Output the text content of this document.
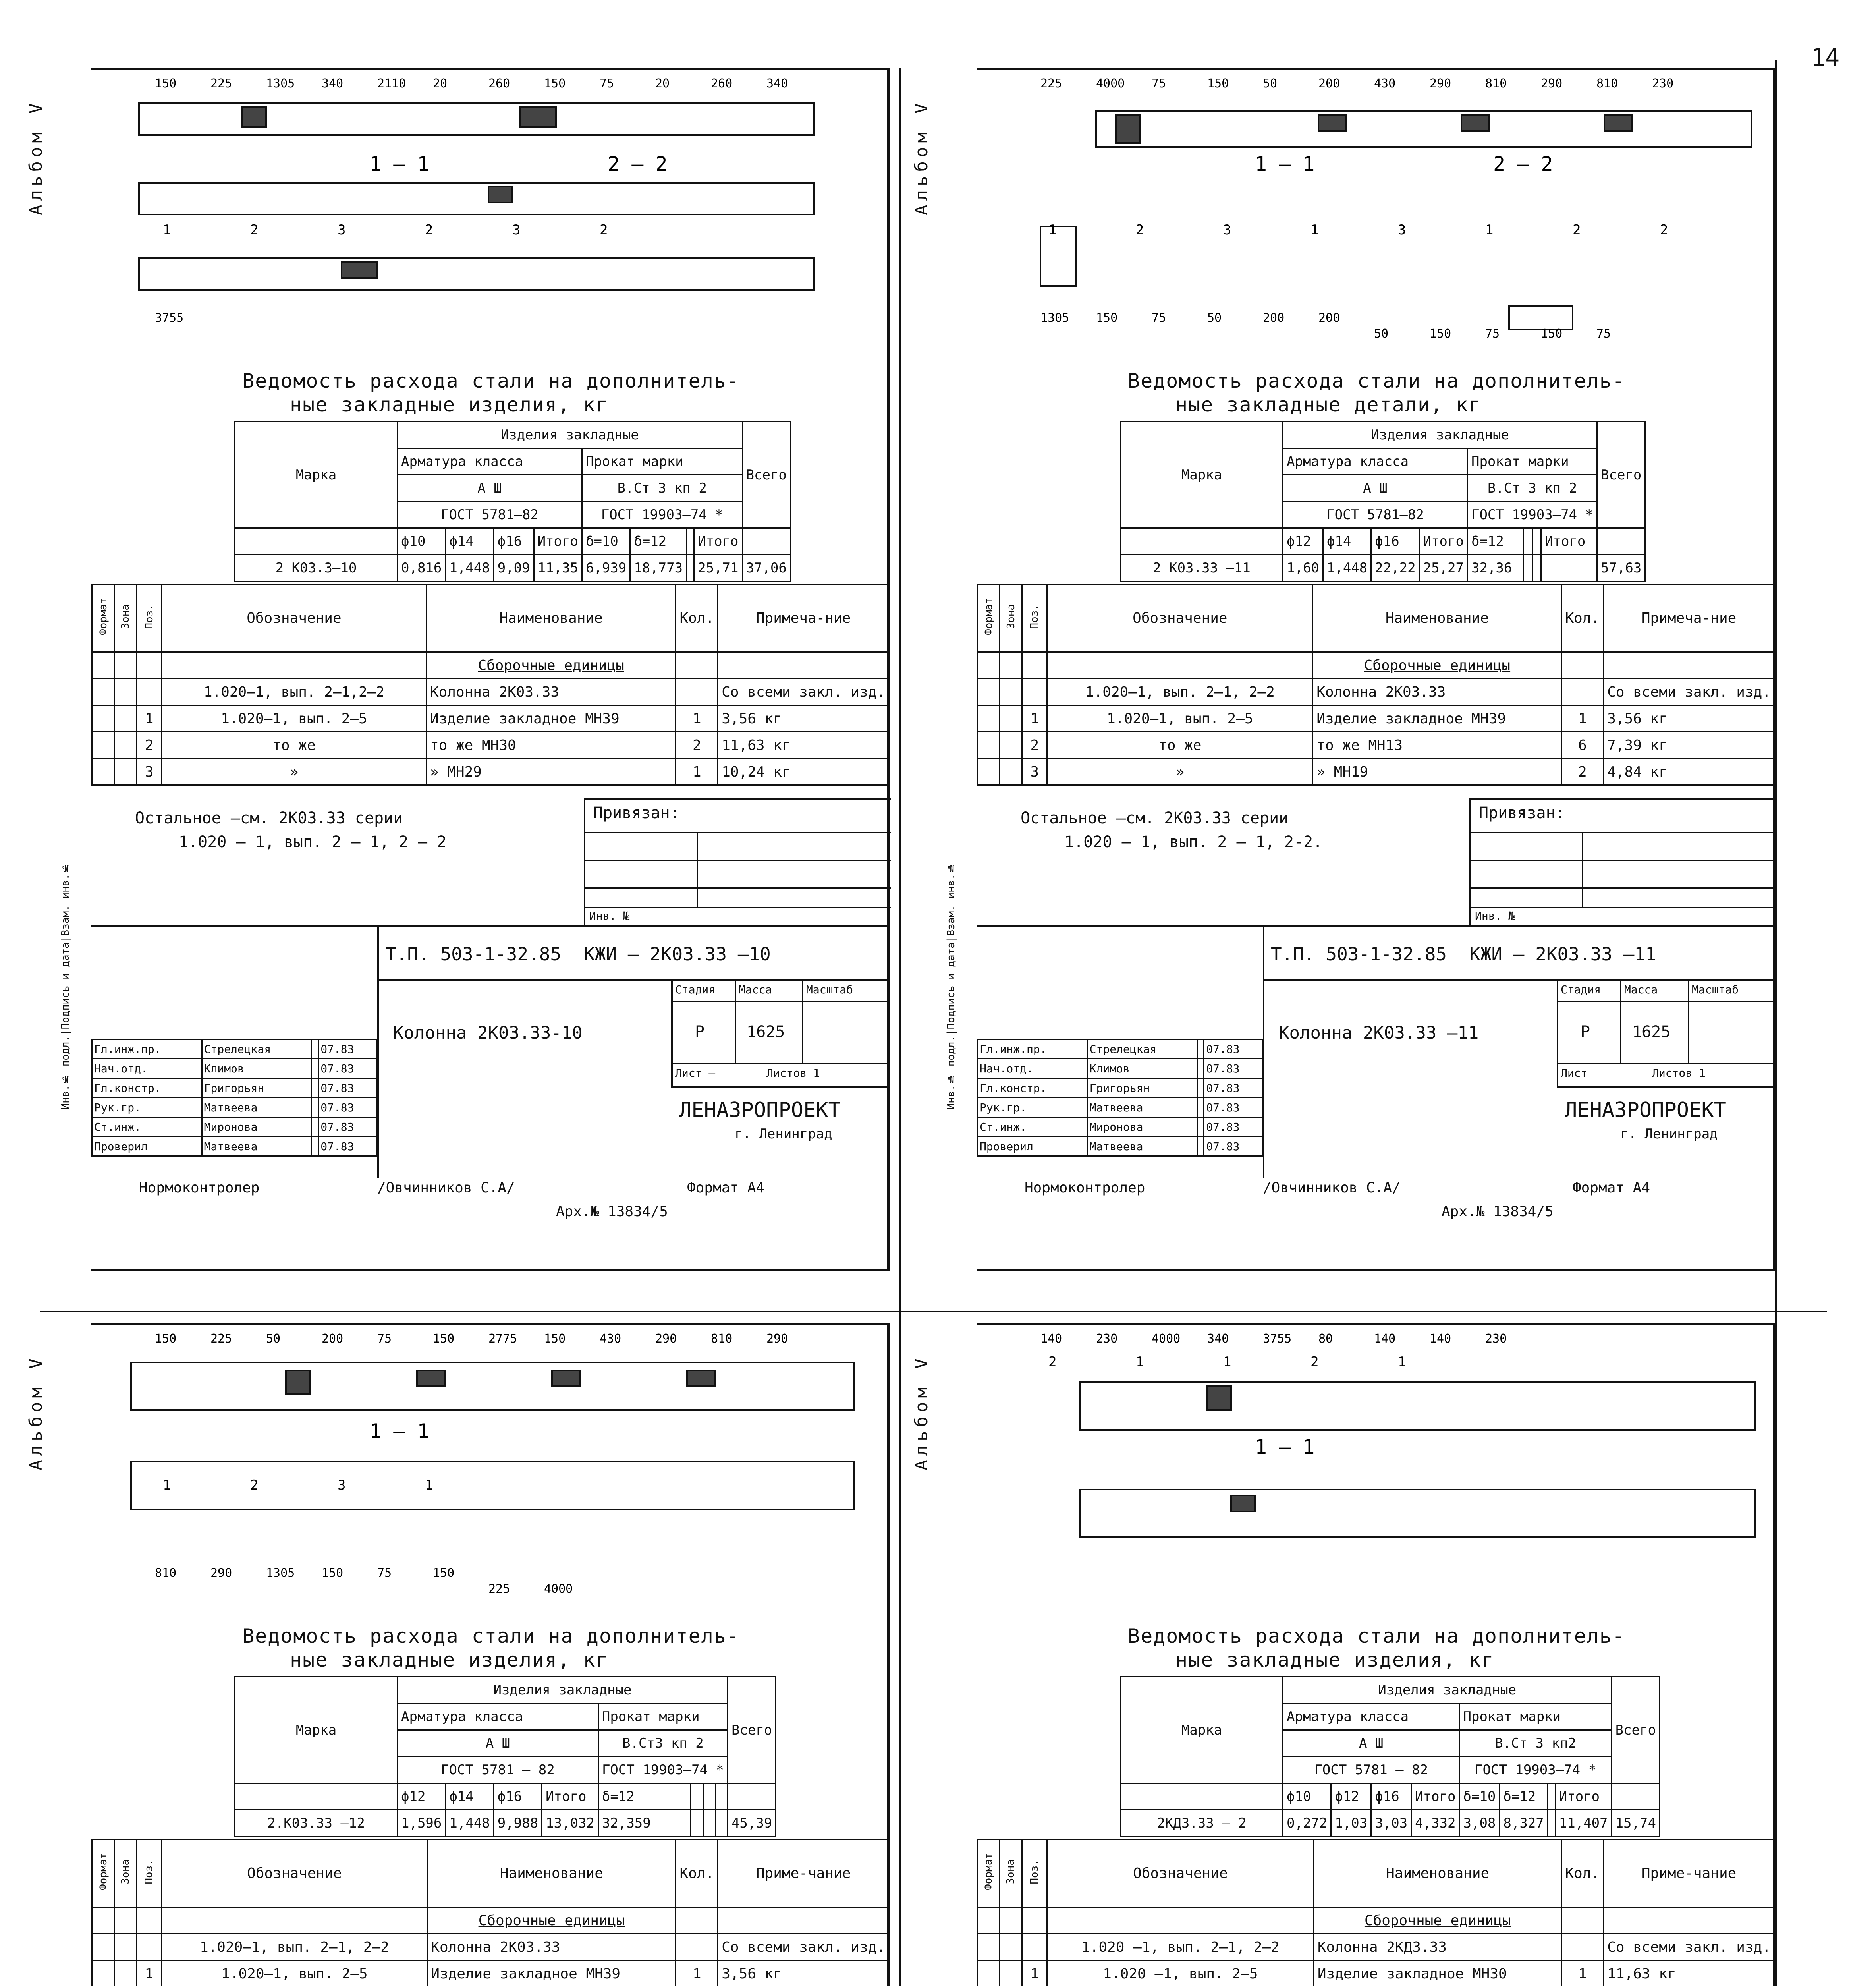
14
Альбом V
Инв.№ подл.|Подпись и дата|Взам. инв.№
150	225	1305 340	2110 20	260	150	75	20	260	340
3755
1 – 1	2 – 2
1	2	3	2	3	2
Ведомость расхода стали на дополнитель-
ные закладные изделия, кг
Марка	Изделия закладные								Всего
	Арматура класса				Прокат марки				
	А Ш				В.Ст 3 кп 2				
	ГОСТ 5781–82				ГОСТ 19903–74 *				
	ϕ10	ϕ14	ϕ16	Итого	δ=10	δ=12		Итого	
2 К03.3–10	0,816	1,448	9,09	11,35	6,939	18,773		25,71	37,06
Формат	Зона	Поз.	Обозначение	Наименование	Кол.	Примеча-ние
				Сборочные единицы		
			1.020–1, вып. 2–1,2–2	Колонна 2К03.33		Со всеми закл. изд.
		1	1.020–1, вып. 2–5	Изделие закладное МН39	1	3,56 кг
		2	то же	то же МН30	2	11,63 кг
		3	»	» МН29	1	10,24 кг
Остальное –см. 2К03.33 серии
1.020 – 1, вып. 2 – 1, 2 – 2
Привязан:
Инв. №
Т.П. 503-1-32.85 КЖИ – 2К03.33 –10
Колонна 2К03.33-10
Стадия Масса	Масштаб
Р	1625
Лист –	Листов 1
ЛЕНАЗРОПРОЕКТ
г. Ленинград
Гл.инж.пр.	Стрелецкая		07.83
Нач.отд.	Климов		07.83
Гл.констр.	Григорьян		07.83
Рук.гр.	Матвеева		07.83
Ст.инж.	Миронова		07.83
Проверил	Матвеева		07.83
Нормоконтролер	/Овчинников С.А/	Формат А4
Арх.№ 13834/5
Альбом V
Инв.№ подл.|Подпись и дата|Взам. инв.№
225	4000 75	150	50	200	430	290	810	290	810	230
1305 150	75	50	200	200
50	150	75	150	75
1 – 1	2 – 2
1	2	3	1	3	1	2	2
Ведомость расхода стали на дополнитель-
ные закладные детали, кг
Марка	Изделия закладные								Всего
	Арматура класса				Прокат марки				
	А Ш				В.Ст 3 кп 2				
	ГОСТ 5781–82				ГОСТ 19903–74 *				
	ϕ12	ϕ14	ϕ16	Итого	δ=12			Итого	
2 К03.33 –11	1,60	1,448	22,22	25,27	32,36				57,63
Формат	Зона	Поз.	Обозначение	Наименование	Кол.	Примеча-ние
				Сборочные единицы		
			1.020–1, вып. 2–1, 2–2	Колонна 2К03.33		Со всеми закл. изд.
		1	1.020–1, вып. 2–5	Изделие закладное МН39	1	3,56 кг
		2	то же	то же МН13	6	7,39 кг
		3	»	» МН19	2	4,84 кг
Остальное –см. 2К03.33 серии
1.020 – 1, вып. 2 – 1, 2-2.
Привязан:
Инв. №
Т.П. 503-1-32.85 КЖИ – 2К03.33 –11
Колонна 2К03.33 –11
Стадия Масса	Масштаб
Р	1625
Лист	Листов 1
ЛЕНАЗРОПРОЕКТ
г. Ленинград
Гл.инж.пр.	Стрелецкая		07.83
Нач.отд.	Климов		07.83
Гл.констр.	Григорьян		07.83
Рук.гр.	Матвеева		07.83
Ст.инж.	Миронова		07.83
Проверил	Матвеева		07.83
Нормоконтролер	/Овчинников С.А/	Формат А4
Арх.№ 13834/5
Альбом V
150	225	50	200	75	150	2775 150	430	290	810	290
810	290	1305 150	75	150
225	4000
1 – 1
1	2	3	1
Ведомость расхода стали на дополнитель-
ные закладные изделия, кг
Марка	Изделия закладные								Всего
	Арматура класса				Прокат марки				
	А Ш				В.Ст3 кп 2				
	ГОСТ 5781 – 82				ГОСТ 19903–74 *				
	ϕ12	ϕ14	ϕ16	Итого	δ=12				
2.К03.33 –12	1,596	1,448	9,988	13,032	32,359				45,39
Формат	Зона	Поз.	Обозначение	Наименование	Кол.	Приме-чание
				Сборочные единицы		
			1.020–1, вып. 2–1, 2–2	Колонна 2К03.33		Со всеми закл. изд.
		1	1.020–1, вып. 2–5	Изделие закладное МН39	1	3,56 кг

Альбом V
140	230	4000 340	3755 80	140	140	230
1 – 1
2	1	1	2	1
Ведомость расхода стали на дополнитель-
ные закладные изделия, кг
Марка	Изделия закладные								Всего
	Арматура класса				Прокат марки				
	А Ш				В.Ст 3 кп2				
	ГОСТ 5781 – 82				ГОСТ 19903–74 *				
	ϕ10	ϕ12	ϕ16	Итого	δ=10	δ=12		Итого	
2КД3.33 – 2	0,272	1,03	3,03	4,332	3,08	8,327		11,407	15,74
Формат	Зона	Поз.	Обозначение	Наименование	Кол.	Приме-чание
				Сборочные единицы		
			1.020 –1, вып. 2–1, 2–2	Колонна 2КД3.33		Со всеми закл. изд.
		1	1.020 –1, вып. 2–5	Изделие закладное МН30	1	11,63 кг
